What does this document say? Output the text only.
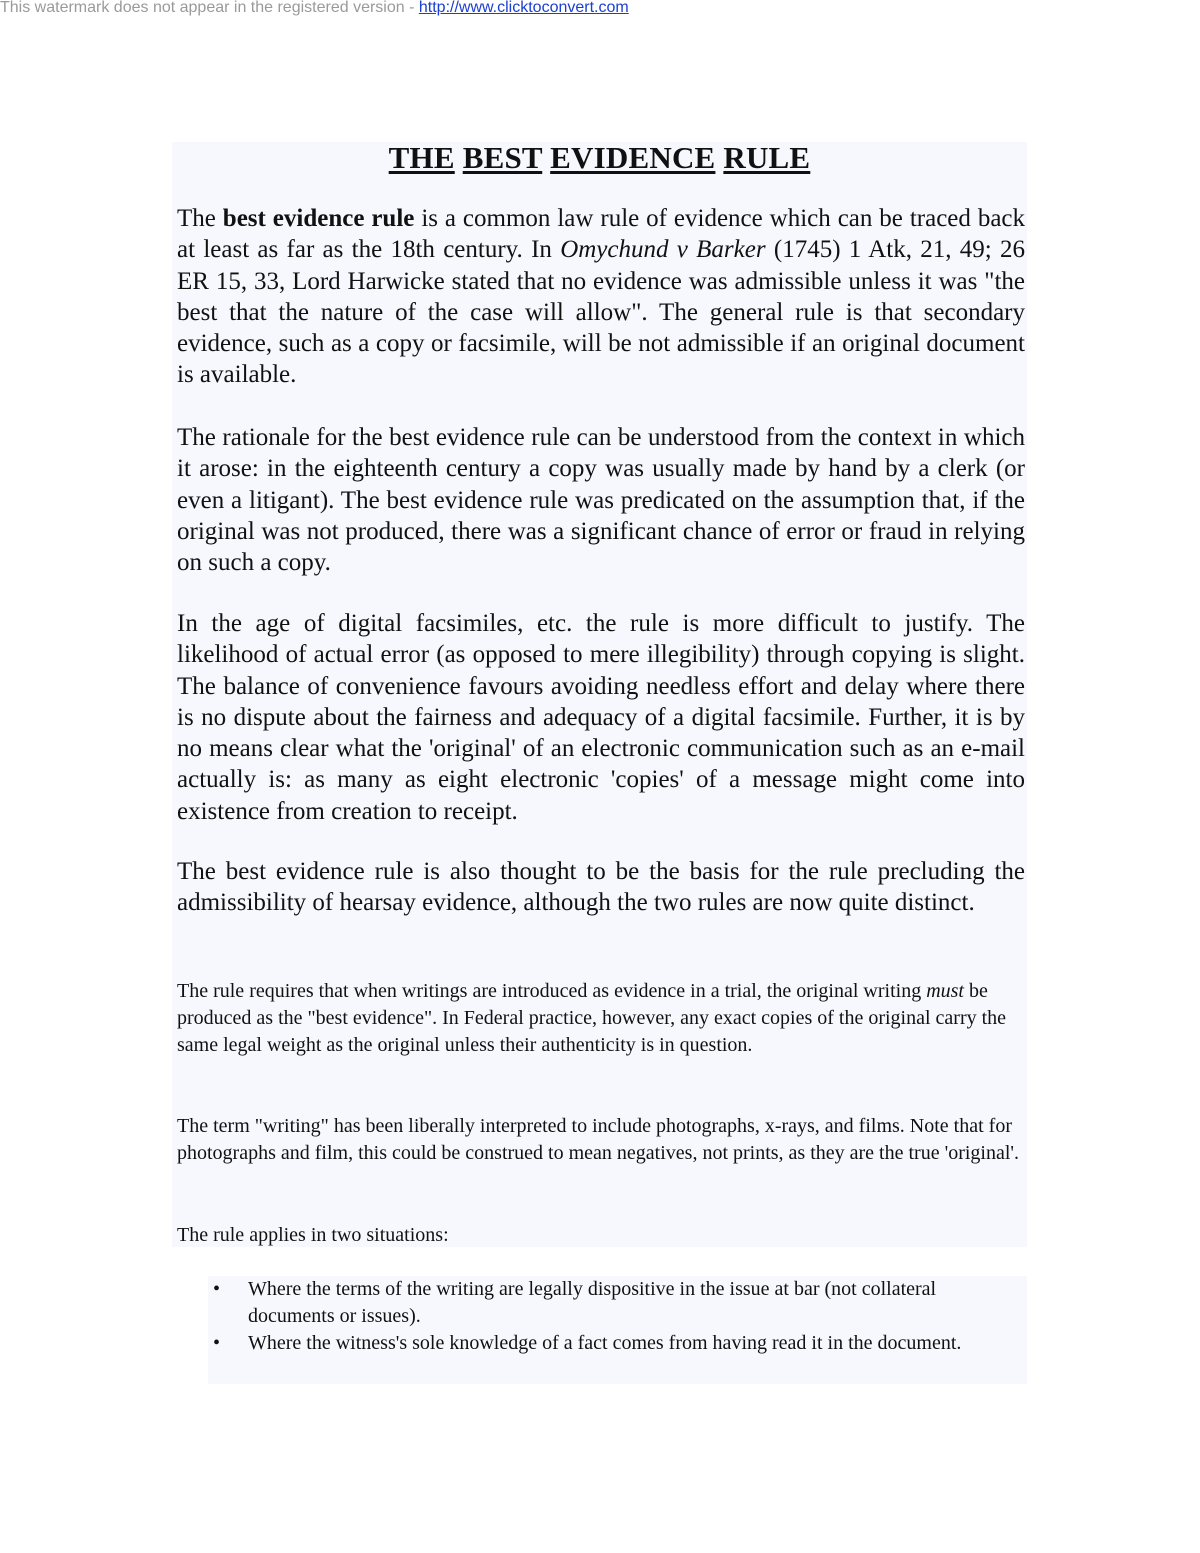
This watermark does not appear in the registered version - http://www.clicktoconvert.com
THE BEST EVIDENCE RULE
The best evidence rule is a common law rule of evidence which can be traced back at least as far as the 18th century. In Omychund v Barker (1745) 1 Atk, 21, 49; 26 ER 15, 33, Lord Harwicke stated that no evidence was admissible unless it was "the best that the nature of the case will allow". The general rule is that secondary evidence, such as a copy or facsimile, will be not admissible if an original document is available.
The rationale for the best evidence rule can be understood from the context in which it arose: in the eighteenth century a copy was usually made by hand by a clerk (or even a litigant). The best evidence rule was predicated on the assumption that, if the original was not produced, there was a significant chance of error or fraud in relying on such a copy.
In the age of digital facsimiles, etc. the rule is more difficult to justify. The likelihood of actual error (as opposed to mere illegibility) through copying is slight. The balance of convenience favours avoiding needless effort and delay where there is no dispute about the fairness and adequacy of a digital facsimile. Further, it is by no means clear what the 'original' of an electronic communication such as an e-mail actually is: as many as eight electronic 'copies' of a message might come into existence from creation to receipt.
The best evidence rule is also thought to be the basis for the rule precluding the admissibility of hearsay evidence, although the two rules are now quite distinct.
The rule requires that when writings are introduced as evidence in a trial, the original writing must be produced as the "best evidence". In Federal practice, however, any exact copies of the original carry the same legal weight as the original unless their authenticity is in question.
The term "writing" has been liberally interpreted to include photographs, x-rays, and films. Note that for photographs and film, this could be construed to mean negatives, not prints, as they are the true 'original'.
The rule applies in two situations:
• Where the terms of the writing are legally dispositive in the issue at bar (not collateral documents or issues).
• Where the witness's sole knowledge of a fact comes from having read it in the document.
